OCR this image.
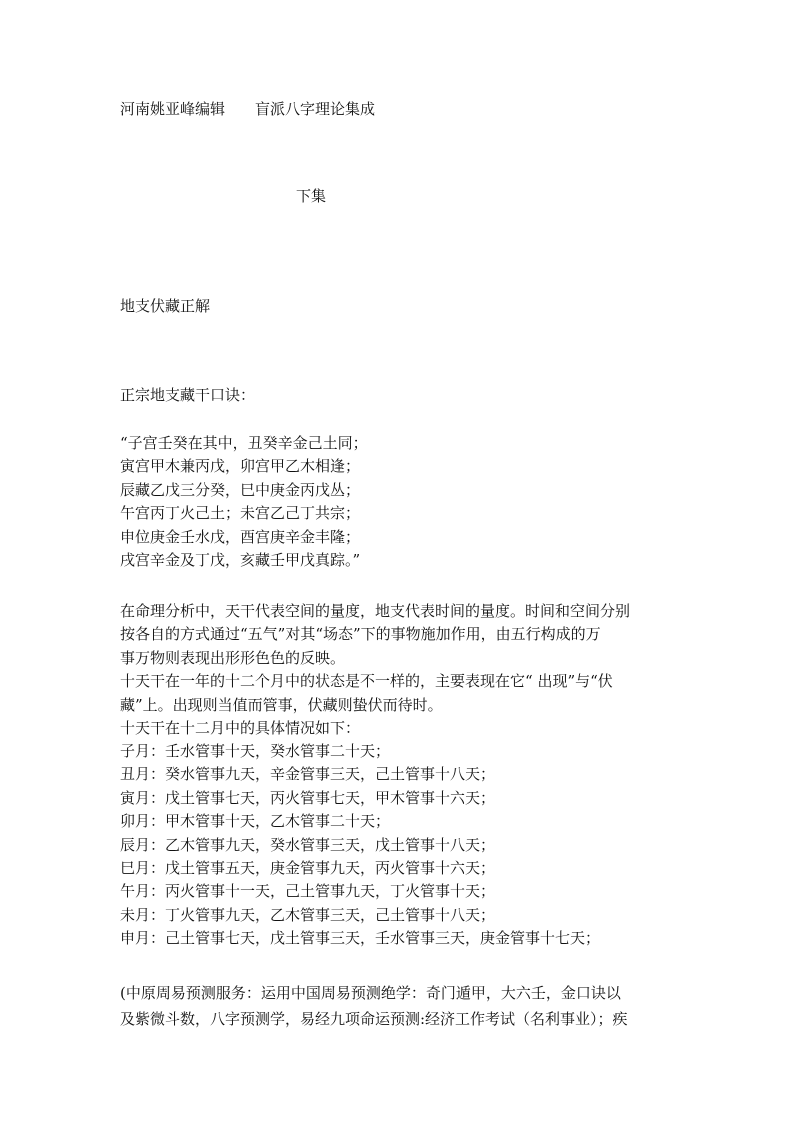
河南姚亚峰编辑 盲派八字理论集成
下集
地支伏藏正解
正宗地支藏干口诀：
“子宫壬癸在其中，丑癸辛金己土同；
寅宫甲木兼丙戊，卯宫甲乙木相逢；
辰藏乙戊三分癸，巳中庚金丙戊丛；
午宫丙丁火己土；未宫乙己丁共宗；
申位庚金壬水戊，酉宫庚辛金丰隆；
戌宫辛金及丁戊，亥藏壬甲戊真踪。”
在命理分析中，天干代表空间的量度，地支代表时间的量度。时间和空间分别
按各自的方式通过“五气”对其“场态”下的事物施加作用，由五行构成的万
事万物则表现出形形色色的反映。
十天干在一年的十二个月中的状态是不一样的，主要表现在它“ 出现”与“伏
藏”上。出现则当值而管事，伏藏则蛰伏而待时。
十天干在十二月中的具体情况如下：
子月：壬水管事十天，癸水管事二十天；
丑月：癸水管事九天，辛金管事三天，己土管事十八天；
寅月：戊土管事七天，丙火管事七天，甲木管事十六天；
卯月：甲木管事十天，乙木管事二十天；
辰月：乙木管事九天，癸水管事三天，戊土管事十八天；
巳月：戊土管事五天，庚金管事九天，丙火管事十六天；
午月：丙火管事十一天，己土管事九天，丁火管事十天；
未月：丁火管事九天，乙木管事三天，己土管事十八天；
申月：己土管事七天，戊土管事三天，壬水管事三天，庚金管事十七天；
(中原周易预测服务：运用中国周易预测绝学：奇门遁甲，大六壬，金口诀以
及紫微斗数，八字预测学，易经九项命运预测:经济工作考试（名利事业）；疾
